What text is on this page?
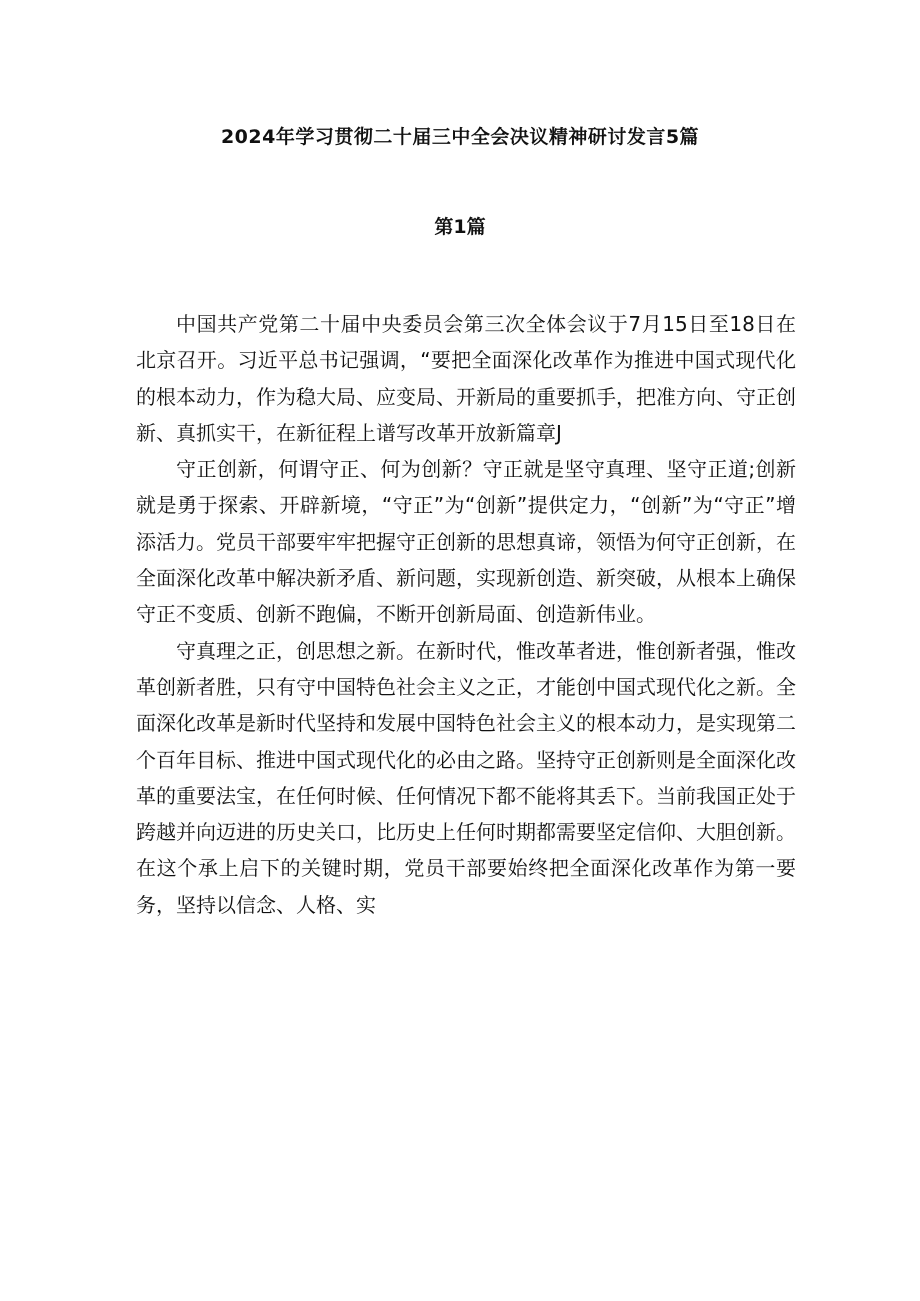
2024年学习贯彻二十届三中全会决议精神研讨发言5篇
第1篇

中国共产党第二十届中央委员会第三次全体会议于7月15日至18日在北京召开。习近平总书记强调，“要把全面深化改革作为推进中国式现代化的根本动力，作为稳大局、应变局、开新局的重要抓手，把准方向、守正创新、真抓实干，在新征程上谱写改革开放新篇章J

守正创新，何谓守正、何为创新？守正就是坚守真理、坚守正道;创新就是勇于探索、开辟新境，“守正”为“创新”提供定力，“创新”为“守正”增添活力。党员干部要牢牢把握守正创新的思想真谛，领悟为何守正创新，在全面深化改革中解决新矛盾、新问题，实现新创造、新突破，从根本上确保守正不变质、创新不跑偏，不断开创新局面、创造新伟业。

守真理之正，创思想之新。在新时代，惟改革者进，惟创新者强，惟改革创新者胜，只有守中国特色社会主义之正，才能创中国式现代化之新。全面深化改革是新时代坚持和发展中国特色社会主义的根本动力，是实现第二个百年目标、推进中国式现代化的必由之路。坚持守正创新则是全面深化改革的重要法宝，在任何时候、任何情况下都不能将其丢下。当前我国正处于跨越并向迈进的历史关口，比历史上任何时期都需要坚定信仰、大胆创新。在这个承上启下的关键时期，党员干部要始终把全面深化改革作为第一要务，坚持以信念、人格、实
